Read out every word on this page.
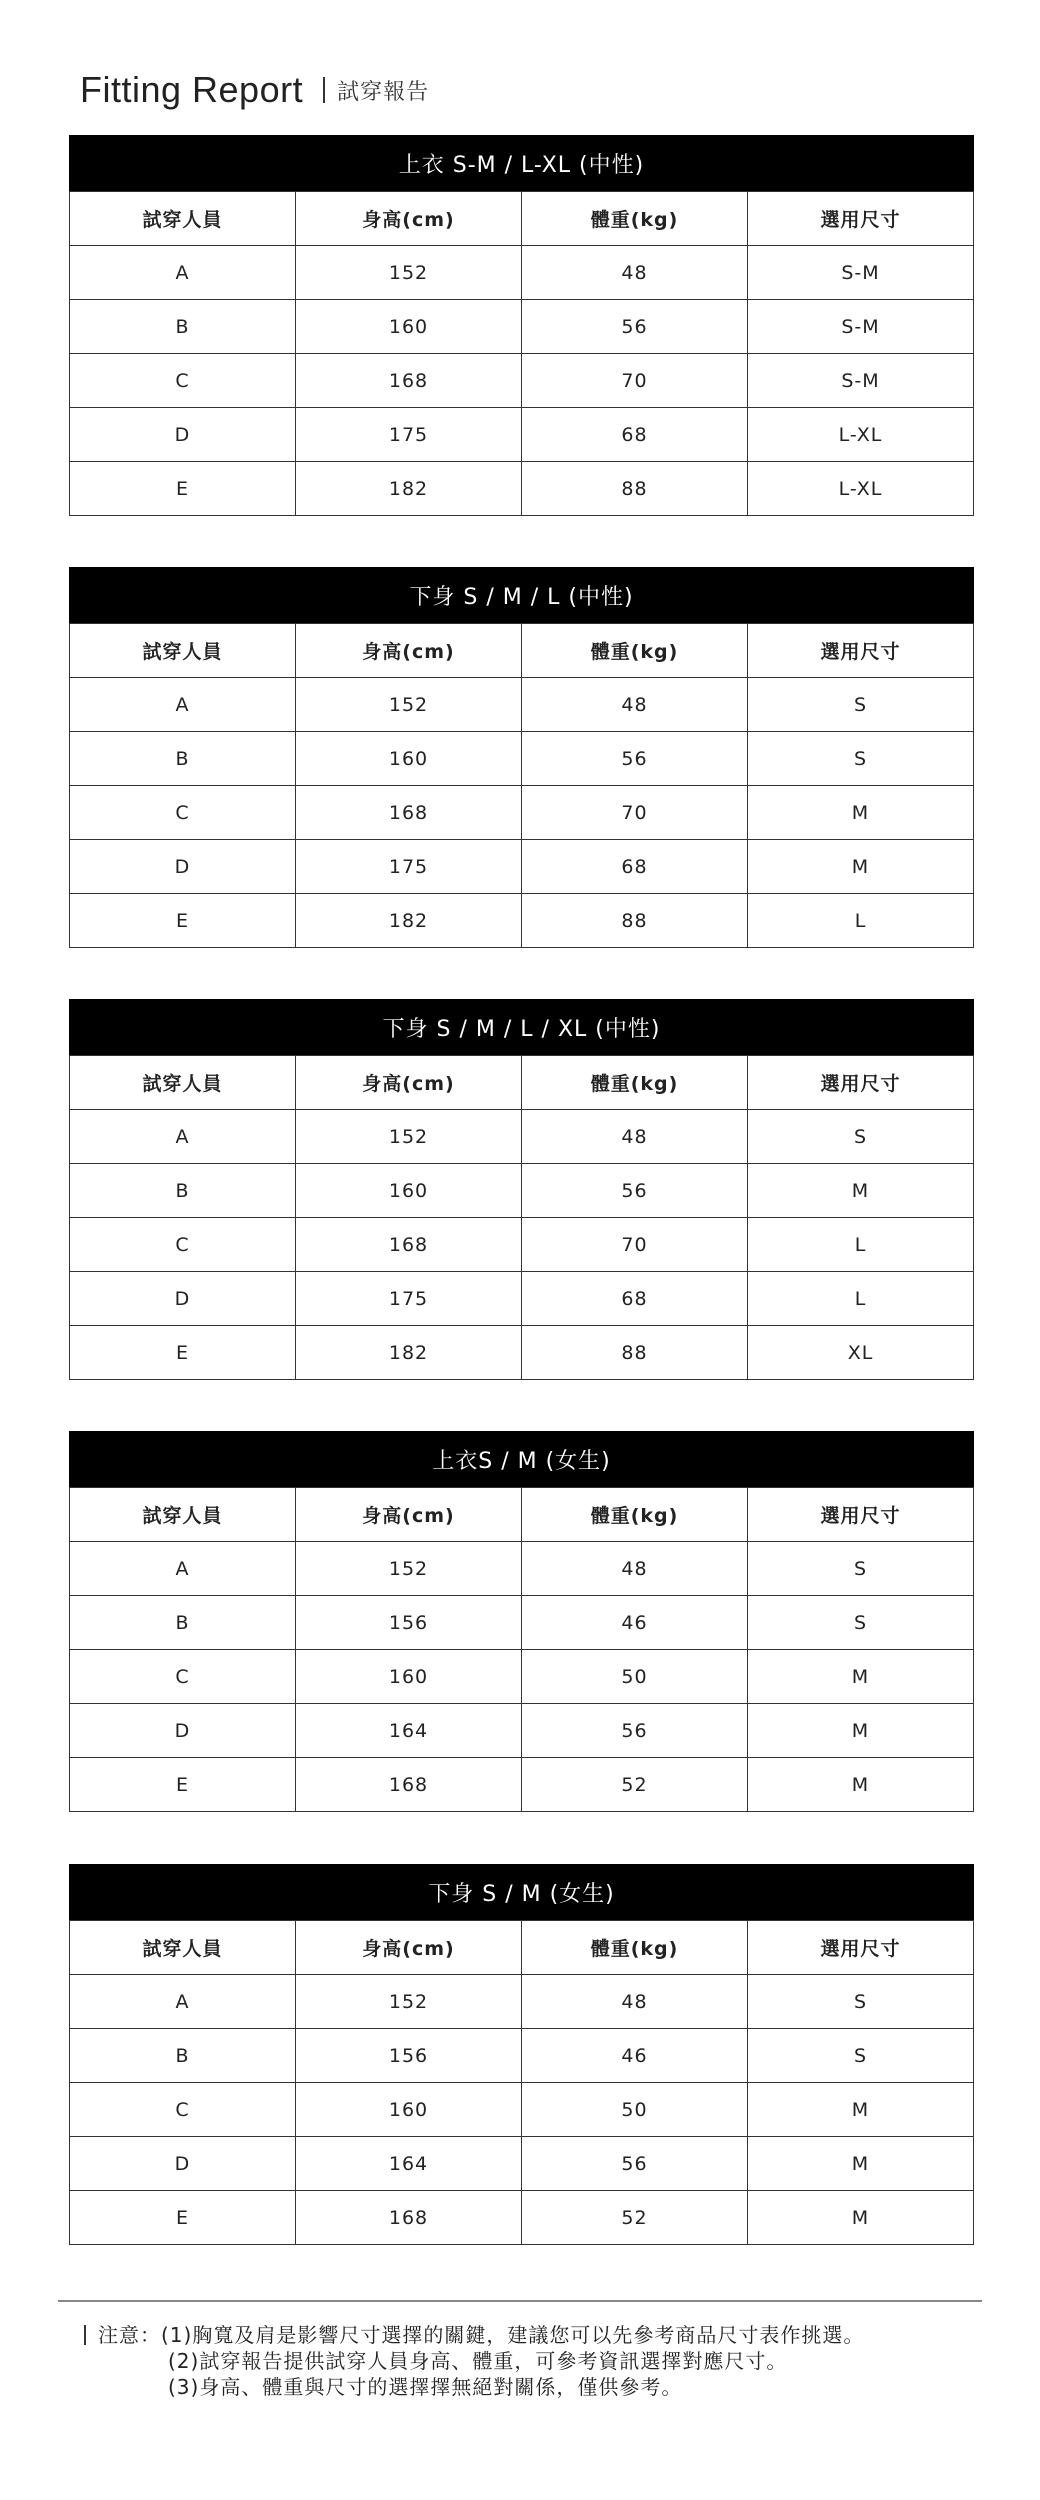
Fitting Report 試穿報告
上衣 S-M / L-XL (中性)
試穿人員	身高(cm)	體重(kg)	選用尺寸
A	152	48	S-M
B	160	56	S-M
C	168	70	S-M
D	175	68	L-XL
E	182	88	L-XL
下身 S / M / L (中性)
試穿人員	身高(cm)	體重(kg)	選用尺寸
A	152	48	S
B	160	56	S
C	168	70	M
D	175	68	M
E	182	88	L
下身 S / M / L / XL (中性)
試穿人員	身高(cm)	體重(kg)	選用尺寸
A	152	48	S
B	160	56	M
C	168	70	L
D	175	68	L
E	182	88	XL
上衣S / M (女生)
試穿人員	身高(cm)	體重(kg)	選用尺寸
A	152	48	S
B	156	46	S
C	160	50	M
D	164	56	M
E	168	52	M
下身 S / M (女生)
試穿人員	身高(cm)	體重(kg)	選用尺寸
A	152	48	S
B	156	46	S
C	160	50	M
D	164	56	M
E	168	52	M
注意： (1)胸寬及肩是影響尺寸選擇的關鍵，建議您可以先參考商品尺寸表作挑選。
(2)試穿報告提供試穿人員身高、體重，可參考資訊選擇對應尺寸。
(3)身高、體重與尺寸的選擇擇無絕對關係，僅供參考。
